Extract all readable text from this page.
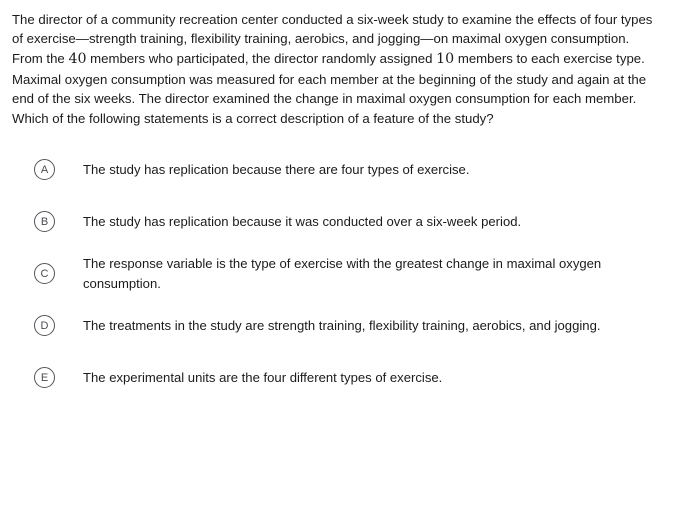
The director of a community recreation center conducted a six-week study to examine the effects of four types of exercise—strength training, flexibility training, aerobics, and jogging—on maximal oxygen consumption. From the 40 members who participated, the director randomly assigned 10 members to each exercise type. Maximal oxygen consumption was measured for each member at the beginning of the study and again at the end of the six weeks. The director examined the change in maximal oxygen consumption for each member. Which of the following statements is a correct description of a feature of the study?

A	The study has replication because there are four types of exercise.
B	The study has replication because it was conducted over a six-week period.
C
The response variable is the type of exercise with the greatest change in maximal oxygen consumption.
D	The treatments in the study are strength training, flexibility training, aerobics, and jogging.
E	The experimental units are the four different types of exercise.
